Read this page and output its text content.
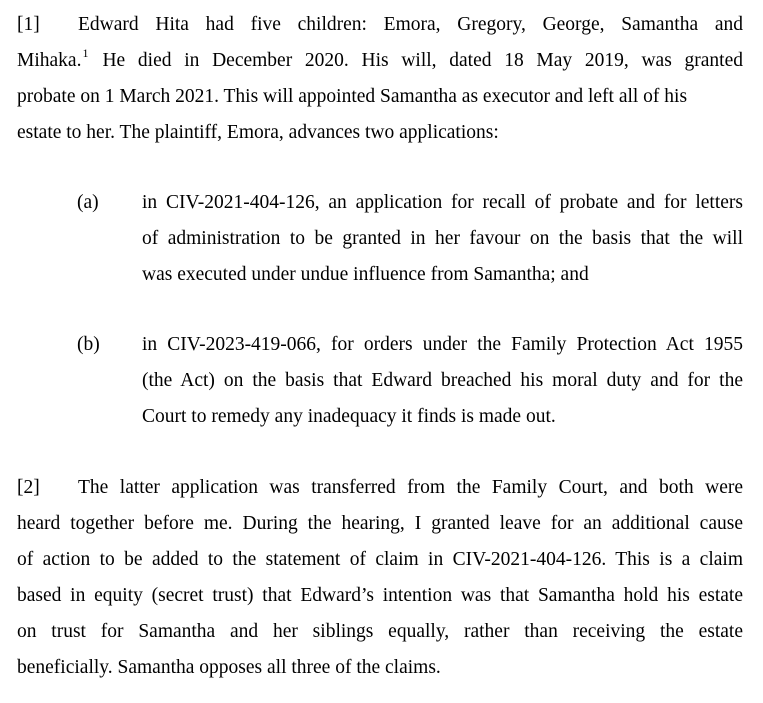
[1] Edward Hita had five children: Emora, Gregory, George, Samantha and
Mihaka. 1 He died in December 2020. His will, dated 18 May 2019, was granted
probate on 1 March 2021. This will appointed Samantha as executor and left all of his
estate to her. The plaintiff, Emora, advances two applications:
(a) in CIV-2021-404-126, an application for recall of probate and for letters
of administration to be granted in her favour on the basis that the will
was executed under undue influence from Samantha; and
(b) in CIV-2023-419-066, for orders under the Family Protection Act 1955
(the Act) on the basis that Edward breached his moral duty and for the
Court to remedy any inadequacy it finds is made out.
[2] The latter application was transferred from the Family Court, and both were
heard together before me. During the hearing, I granted leave for an additional cause
of action to be added to the statement of claim in CIV-2021-404-126. This is a claim
based in equity (secret trust) that Edward’s intention was that Samantha hold his estate
on trust for Samantha and her siblings equally, rather than receiving the estate
beneficially. Samantha opposes all three of the claims.
